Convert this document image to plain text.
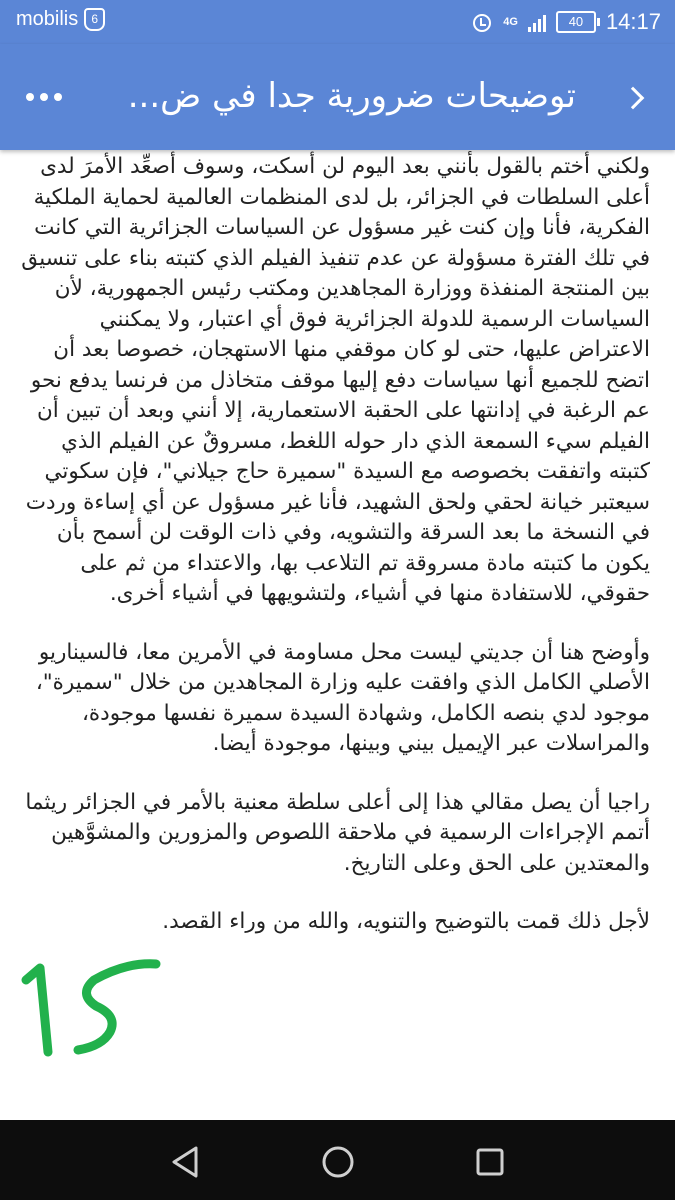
mobilis	6	4G	40	14:17
توضيحات ضرورية جدا في ض...

ولكني أختم بالقول بأنني بعد اليوم لن أسكت، وسوف أصعِّد الأمرَ لدى أعلى السلطات في الجزائر، بل لدى المنظمات العالمية لحماية الملكية الفكرية، فأنا وإن كنت غير مسؤول عن السياسات الجزائرية التي كانت في تلك الفترة مسؤولة عن عدم تنفيذ الفيلم الذي كتبته بناء على تنسيق بين المنتجة المنفذة ووزارة المجاهدين ومكتب رئيس الجمهورية، لأن السياسات الرسمية للدولة الجزائرية فوق أي اعتبار، ولا يمكنني الاعتراض عليها، حتى لو كان موقفي منها الاستهجان، خصوصا بعد أن اتضح للجميع أنها سياسات دفع إليها موقف متخاذل من فرنسا يدفع نحو عم الرغبة في إدانتها على الحقبة الاستعمارية، إلا أنني وبعد أن تبين أن الفيلم سيء السمعة الذي دار حوله اللغط، مسروقٌ عن الفيلم الذي كتبته واتفقت بخصوصه مع السيدة "سميرة حاج جيلاني"، فإن سكوتي سيعتبر خيانة لحقي ولحق الشهيد، فأنا غير مسؤول عن أي إساءة وردت في النسخة ما بعد السرقة والتشويه، وفي ذات الوقت لن أسمح بأن يكون ما كتبته مادة مسروقة تم التلاعب بها، والاعتداء من ثم على حقوقي، للاستفادة منها في أشياء، ولتشويهها في أشياء أخرى.

وأوضح هنا أن جديتي ليست محل مساومة في الأمرين معا، فالسيناريو الأصلي الكامل الذي وافقت عليه وزارة المجاهدين من خلال "سميرة"، موجود لدي بنصه الكامل، وشهادة السيدة سميرة نفسها موجودة، والمراسلات عبر الإيميل بيني وبينها، موجودة أيضا.

راجيا أن يصل مقالي هذا إلى أعلى سلطة معنية بالأمر في الجزائر ريثما أتمم الإجراءات الرسمية في ملاحقة اللصوص والمزورين والمشوَّهين والمعتدين على الحق وعلى التاريخ.

لأجل ذلك قمت بالتوضيح والتنويه، والله من وراء القصد.
